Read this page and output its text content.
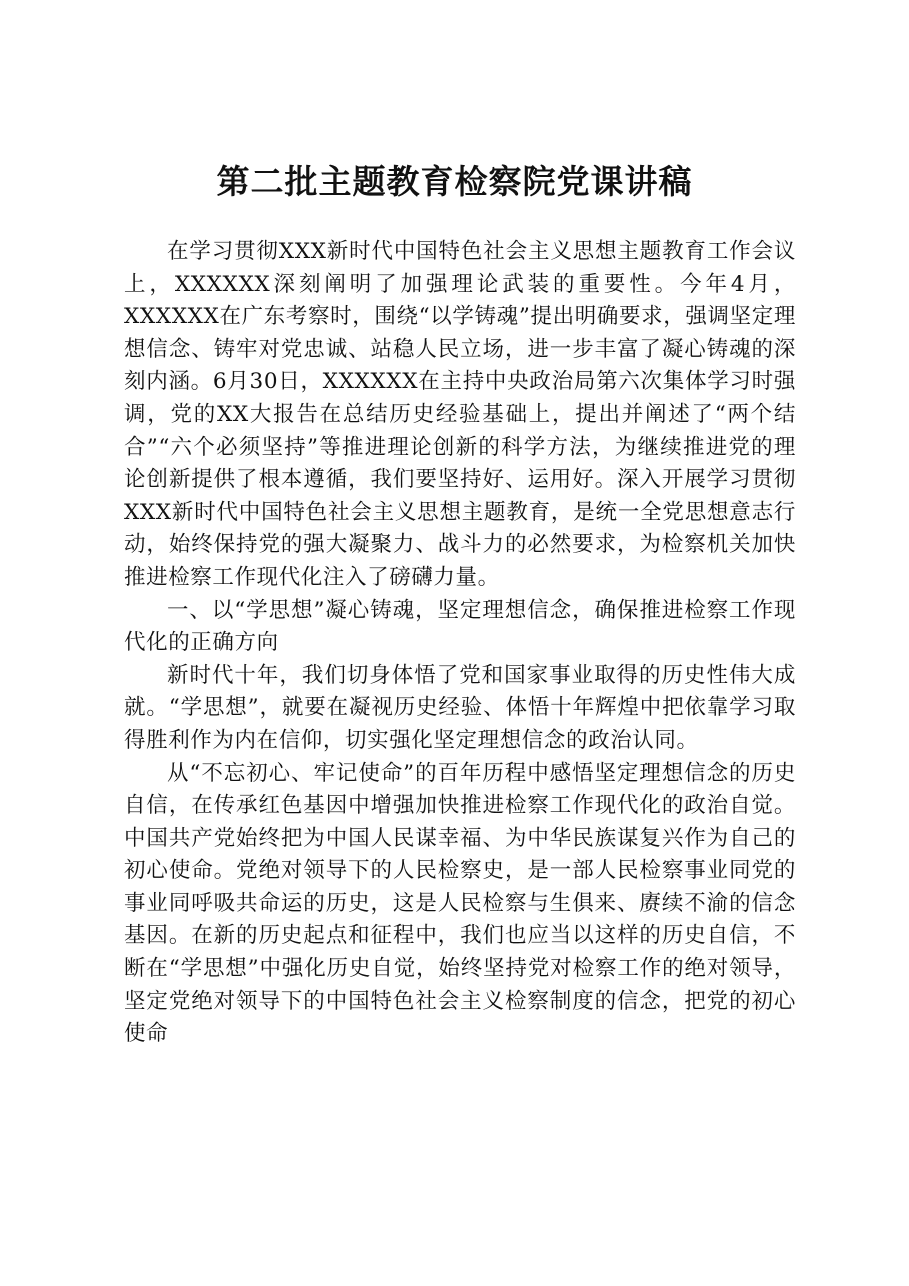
第二批主题教育检察院党课讲稿

在学习贯彻XXX新时代中国特色社会主义思想主题教育工作会议上，XXXXXX深刻阐明了加强理论武装的重要性。今年4月，XXXXXX在广东考察时，围绕“以学铸魂”提出明确要求，强调坚定理想信念、铸牢对党忠诚、站稳人民立场，进一步丰富了凝心铸魂的深刻内涵。6月30日，XXXXXX在主持中央政治局第六次集体学习时强调，党的XX大报告在总结历史经验基础上，提出并阐述了“两个结合”“六个必须坚持”等推进理论创新的科学方法，为继续推进党的理论创新提供了根本遵循，我们要坚持好、运用好。深入开展学习贯彻XXX新时代中国特色社会主义思想主题教育，是统一全党思想意志行动，始终保持党的强大凝聚力、战斗力的必然要求，为检察机关加快推进检察工作现代化注入了磅礴力量。

一、以“学思想”凝心铸魂，坚定理想信念，确保推进检察工作现代化的正确方向

新时代十年，我们切身体悟了党和国家事业取得的历史性伟大成就。“学思想”，就要在凝视历史经验、体悟十年辉煌中把依靠学习取得胜利作为内在信仰，切实强化坚定理想信念的政治认同。

从“不忘初心、牢记使命”的百年历程中感悟坚定理想信念的历史自信，在传承红色基因中增强加快推进检察工作现代化的政治自觉。中国共产党始终把为中国人民谋幸福、为中华民族谋复兴作为自己的初心使命。党绝对领导下的人民检察史，是一部人民检察事业同党的事业同呼吸共命运的历史，这是人民检察与生俱来、赓续不渝的信念基因。在新的历史起点和征程中，我们也应当以这样的历史自信，不断在“学思想”中强化历史自觉，始终坚持党对检察工作的绝对领导，坚定党绝对领导下的中国特色社会主义检察制度的信念，把党的初心使命
